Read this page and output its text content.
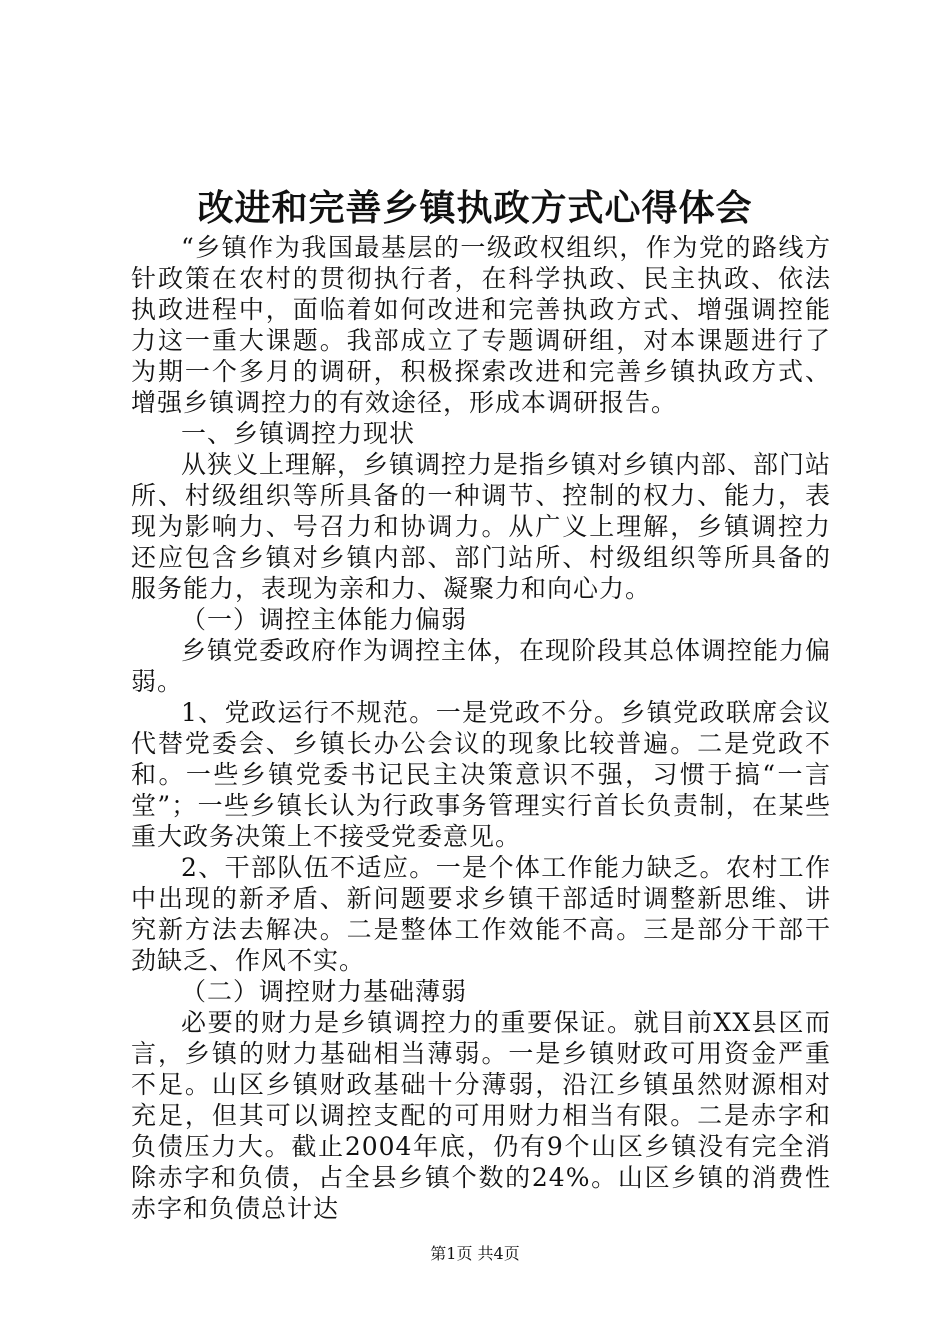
改进和完善乡镇执政方式心得体会

“乡镇作为我国最基层的一级政权组织，作为党的路线方针政策在农村的贯彻执行者，在科学执政、民主执政、依法执政进程中，面临着如何改进和完善执政方式、增强调控能力这一重大课题。我部成立了专题调研组，对本课题进行了为期一个多月的调研，积极探索改进和完善乡镇执政方式、增强乡镇调控力的有效途径，形成本调研报告。

一、乡镇调控力现状

从狭义上理解，乡镇调控力是指乡镇对乡镇内部、部门站所、村级组织等所具备的一种调节、控制的权力、能力，表现为影响力、号召力和协调力。从广义上理解，乡镇调控力还应包含乡镇对乡镇内部、部门站所、村级组织等所具备的服务能力，表现为亲和力、凝聚力和向心力。

（一）调控主体能力偏弱

乡镇党委政府作为调控主体，在现阶段其总体调控能力偏弱。

1、党政运行不规范。一是党政不分。乡镇党政联席会议代替党委会、乡镇长办公会议的现象比较普遍。二是党政不和。一些乡镇党委书记民主决策意识不强，习惯于搞“一言堂”；一些乡镇长认为行政事务管理实行首长负责制，在某些重大政务决策上不接受党委意见。

2、干部队伍不适应。一是个体工作能力缺乏。农村工作中出现的新矛盾、新问题要求乡镇干部适时调整新思维、讲究新方法去解决。二是整体工作效能不高。三是部分干部干劲缺乏、作风不实。

（二）调控财力基础薄弱

必要的财力是乡镇调控力的重要保证。就目前XX县区而言，乡镇的财力基础相当薄弱。一是乡镇财政可用资金严重不足。山区乡镇财政基础十分薄弱，沿江乡镇虽然财源相对充足，但其可以调控支配的可用财力相当有限。二是赤字和负债压力大。截止2004年底，仍有9个山区乡镇没有完全消除赤字和负债，占全县乡镇个数的24%。山区乡镇的消费性赤字和负债总计达

第1页 共4页
